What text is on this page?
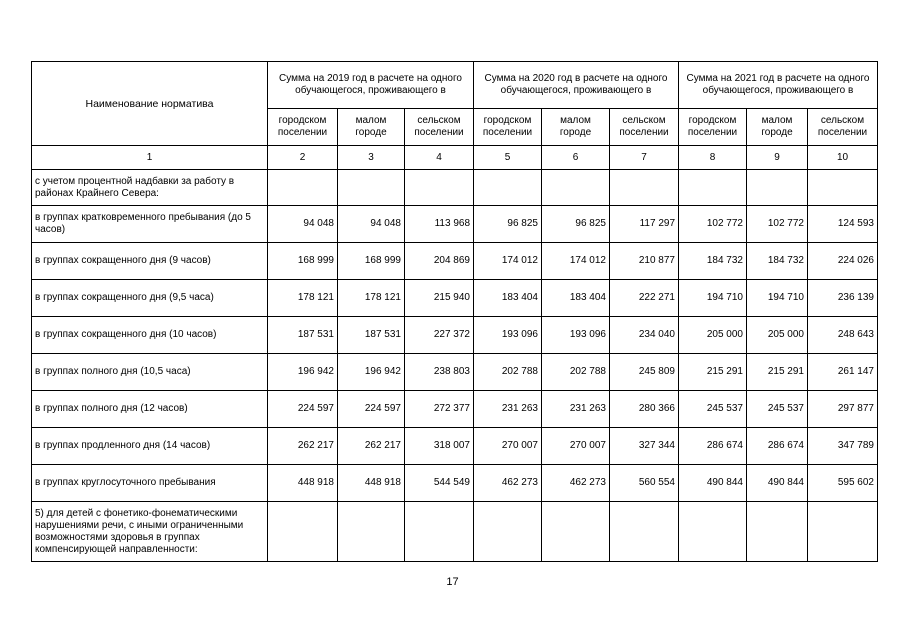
Наименование норматива	Сумма на 2019 год в расчете на одного обучающегося, проживающего в			Сумма на 2020 год в расчете на одного обучающегося, проживающего в			Сумма на 2021 год в расчете на одного обучающегося, проживающего в		
	городском поселении	малом городе	сельском поселении	городском поселении	малом городе	сельском поселении	городском поселении	малом городе	сельском поселении
1	2	3	4	5	6	7	8	9	10
с учетом процентной надбавки за работу в районах Крайнего Севера:									
в группах кратковременного пребывания (до 5 часов)	94 048	94 048	113 968	96 825	96 825	117 297	102 772	102 772	124 593
в группах сокращенного дня (9 часов)	168 999	168 999	204 869	174 012	174 012	210 877	184 732	184 732	224 026
в группах сокращенного дня (9,5 часа)	178 121	178 121	215 940	183 404	183 404	222 271	194 710	194 710	236 139
в группах сокращенного дня (10 часов)	187 531	187 531	227 372	193 096	193 096	234 040	205 000	205 000	248 643
в группах полного дня (10,5 часа)	196 942	196 942	238 803	202 788	202 788	245 809	215 291	215 291	261 147
в группах полного дня (12 часов)	224 597	224 597	272 377	231 263	231 263	280 366	245 537	245 537	297 877
в группах продленного дня (14 часов)	262 217	262 217	318 007	270 007	270 007	327 344	286 674	286 674	347 789
в группах круглосуточного пребывания	448 918	448 918	544 549	462 273	462 273	560 554	490 844	490 844	595 602
5) для детей с фонетико-фонематическими нарушениями речи, с иными ограниченными возможностями здоровья в группах компенсирующей направленности:									
17
